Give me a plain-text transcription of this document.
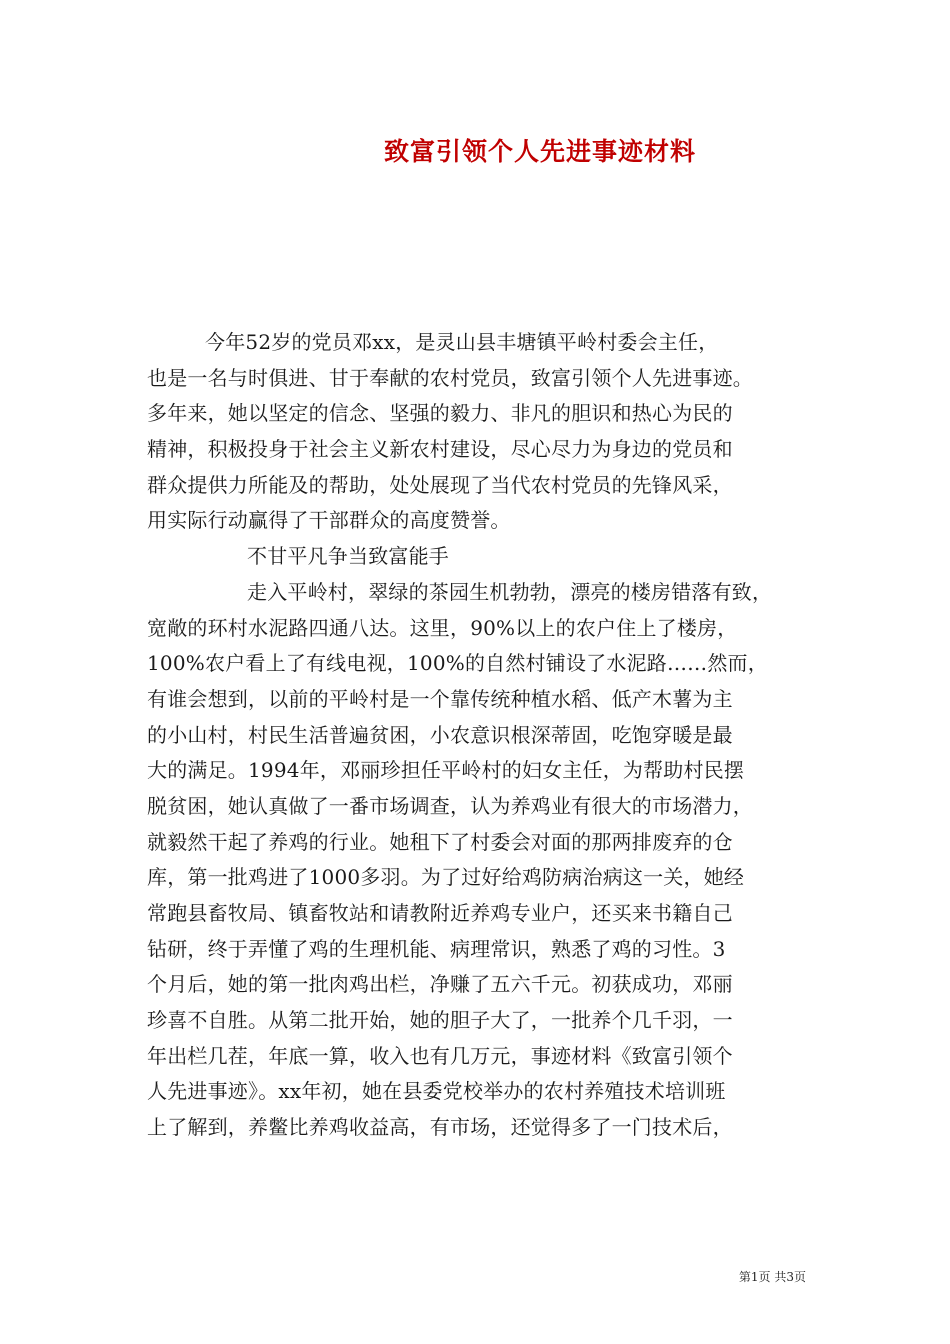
致富引领个人先进事迹材料
今年52岁的党员邓xx，是灵山县丰塘镇平岭村委会主任，
也是一名与时俱进、甘于奉献的农村党员，致富引领个人先进事迹。
多年来，她以坚定的信念、坚强的毅力、非凡的胆识和热心为民的
精神，积极投身于社会主义新农村建设，尽心尽力为身边的党员和
群众提供力所能及的帮助，处处展现了当代农村党员的先锋风采，
用实际行动赢得了干部群众的高度赞誉。
不甘平凡争当致富能手
走入平岭村，翠绿的茶园生机勃勃，漂亮的楼房错落有致，
宽敞的环村水泥路四通八达。这里，90%以上的农户住上了楼房，
100%农户看上了有线电视，100%的自然村铺设了水泥路……然而，
有谁会想到，以前的平岭村是一个靠传统种植水稻、低产木薯为主
的小山村，村民生活普遍贫困，小农意识根深蒂固，吃饱穿暖是最
大的满足。1994年，邓丽珍担任平岭村的妇女主任，为帮助村民摆
脱贫困，她认真做了一番市场调查，认为养鸡业有很大的市场潜力，
就毅然干起了养鸡的行业。她租下了村委会对面的那两排废弃的仓
库，第一批鸡进了1000多羽。为了过好给鸡防病治病这一关，她经
常跑县畜牧局、镇畜牧站和请教附近养鸡专业户，还买来书籍自己
钻研，终于弄懂了鸡的生理机能、病理常识，熟悉了鸡的习性。3
个月后，她的第一批肉鸡出栏，净赚了五六千元。初获成功，邓丽
珍喜不自胜。从第二批开始，她的胆子大了，一批养个几千羽，一
年出栏几茬，年底一算，收入也有几万元，事迹材料《致富引领个
人先进事迹》。xx年初，她在县委党校举办的农村养殖技术培训班
上了解到，养鳖比养鸡收益高，有市场，还觉得多了一门技术后，
第1页 共3页
